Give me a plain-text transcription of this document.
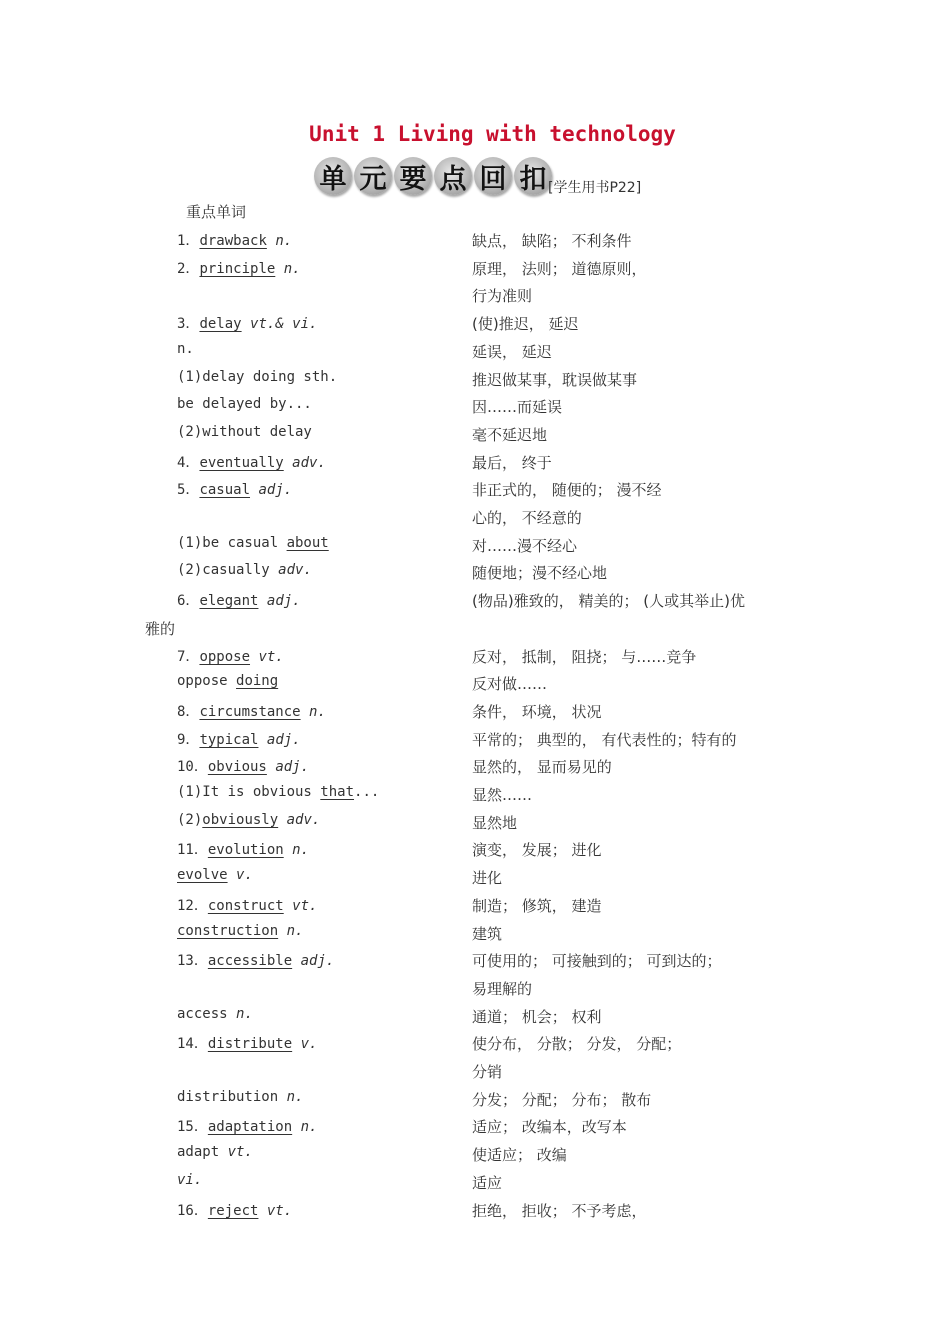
Unit 1 Living with technology
单 元 要 点 回 扣 [学生用书P22]
重点单词
1．drawback n.	缺点， 缺陷； 不利条件
2．principle n.	原理， 法则； 道德原则，
行为准则
3．delay vt.& vi.	(使)推迟， 延迟
n.	延误， 延迟
(1)delay doing sth.	推迟做某事，耽误做某事
be delayed by...	因……而延误
(2)without delay	毫不延迟地
4．eventually adv.	最后， 终于
5．casual adj.	非正式的， 随便的； 漫不经
心的， 不经意的
(1)be casual about	对……漫不经心
(2)casually adv.	随便地；漫不经心地
6．elegant adj.	(物品)雅致的， 精美的； (人或其举止)优
雅的
7．oppose vt.	反对， 抵制， 阻挠； 与……竞争
oppose doing	反对做……
8．circumstance n.	条件， 环境， 状况
9．typical adj.	平常的； 典型的， 有代表性的；特有的
10．obvious adj.	显然的， 显而易见的
(1)It is obvious that...	显然……
(2)obviously adv.	显然地
11．evolution n.	演变， 发展； 进化
evolve v.	进化
12．construct vt.	制造； 修筑， 建造
construction n.	建筑
13．accessible adj.	可使用的； 可接触到的； 可到达的；
易理解的
access n.	通道； 机会； 权利
14．distribute v.	使分布， 分散； 分发， 分配；
分销
distribution n.	分发； 分配； 分布； 散布
15．adaptation n.	适应； 改编本，改写本
adapt vt.	使适应； 改编
vi.	适应
16．reject vt.	拒绝， 拒收； 不予考虑，
